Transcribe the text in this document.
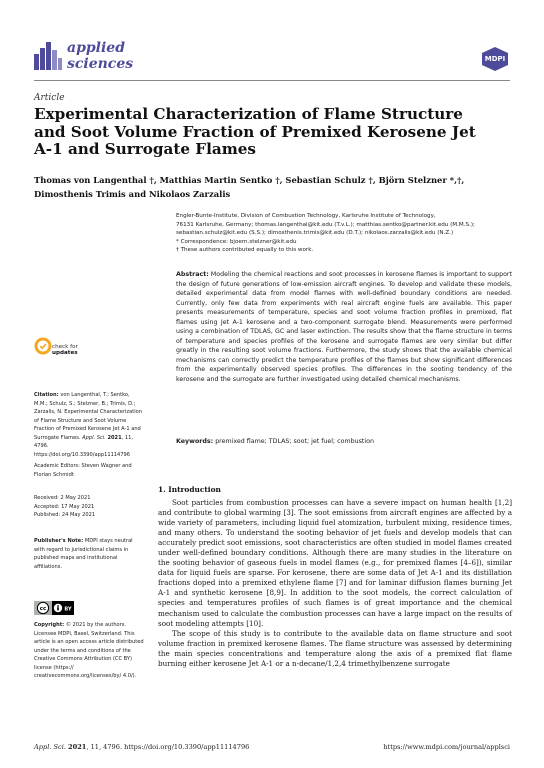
applied
sciences	MDPI
Article
Experimental Characterization of Flame Structure and Soot Volume Fraction of Premixed Kerosene Jet A-1 and Surrogate Flames
Thomas von Langenthal †, Matthias Martin Sentko †, Sebastian Schulz †, Björn Stelzner *,†, Dimosthenis Trimis and Nikolaos Zarzalis
Engler-Bunte-Institute, Division of Combustion Technology, Karlsruhe Institute of Technology,
76131 Karlsruhe, Germany; thomas.langenthal@kit.edu (T.v.L.); matthias.sentko@partner.kit.edu (M.M.S.);
sebastian.schulz@kit.edu (S.S.); dimosthenis.trimis@kit.edu (D.T.); nikolaos.zarzalis@kit.edu (N.Z.)
* Correspondence: bjoern.stelzner@kit.edu
† These authors contributed equally to this work.
Abstract: Modeling the chemical reactions and soot processes in kerosene flames is important to support the design of future generations of low-emission aircraft engines. To develop and validate these models, detailed experimental data from model flames with well-defined boundary conditions are needed. Currently, only few data from experiments with real aircraft engine fuels are available. This paper presents measurements of temperature, species and soot volume fraction profiles in premixed, flat flames using Jet A-1 kerosene and a two-component surrogate blend. Measurements were performed using a combination of TDLAS, GC and laser extinction. The results show that the flame structure in terms of temperature and species profiles of the kerosene and surrogate flames are very similar but differ greatly in the resulting soot volume fractions. Furthermore, the study shows that the available chemical mechanisms can correctly predict the temperature profiles of the flames but show significant differences from the experimentally observed species profiles. The differences in the sooting tendency of the kerosene and the surrogate are further investigated using detailed chemical mechanisms.
Keywords: premixed flame; TDLAS; soot; jet fuel; combustion
check for
updates
Citation: von Langenthal, T.; Sentko, M.M.; Schulz, S.; Stelzner, B.; Trimis, D.; Zarzalis, N. Experimental Characterization of Flame Structure and Soot Volume Fraction of Premixed Kerosene Jet A-1 and Surrogate Flames. Appl. Sci. 2021, 11, 4796. https://doi.org/10.3390/app11114796
Academic Editors: Steven Wagner and Florian Schmidt
Received: 2 May 2021
Accepted: 17 May 2021
Published: 24 May 2021
Publisher's Note: MDPI stays neutral with regard to jurisdictional claims in published maps and institutional affiliations.
cc	BY
Copyright: © 2021 by the authors. Licensee MDPI, Basel, Switzerland. This article is an open access article distributed under the terms and conditions of the Creative Commons Attribution (CC BY) license (https:// creativecommons.org/licenses/by/ 4.0/).
1. Introduction

Soot particles from combustion processes can have a severe impact on human health [1,2] and contribute to global warming [3]. The soot emissions from aircraft engines are affected by a wide variety of parameters, including liquid fuel atomization, turbulent mixing, residence times, and many others. To understand the sooting behavior of jet fuels and develop models that can accurately predict soot emissions, soot characteristics are often studied in model flames created under well-defined boundary conditions. Although there are many studies in the literature on the sooting behavior of gaseous fuels in model flames (e.g., for premixed flames [4–6]), similar data for liquid fuels are sparse. For kerosene, there are some data of Jet A-1 and its distillation fractions doped into a premixed ethylene flame [7] and for laminar diffusion flames burning Jet A-1 and synthetic kerosene [8,9]. In addition to the soot models, the correct calculation of species and temperatures profiles of such flames is of great importance and the chemical mechanism used to calculate the combustion processes can have a large impact on the results of soot modeling attempts [10].

The scope of this study is to contribute to the available data on flame structure and soot volume fraction in premixed kerosene flames. The flame structure was assessed by determining the main species concentrations and temperature along the axis of a premixed flat flame burning either kerosene Jet A-1 or a n-decane/1,2,4 trimethylbenzene surrogate

Appl. Sci. 2021, 11, 4796. https://doi.org/10.3390/app11114796	https://www.mdpi.com/journal/applsci
